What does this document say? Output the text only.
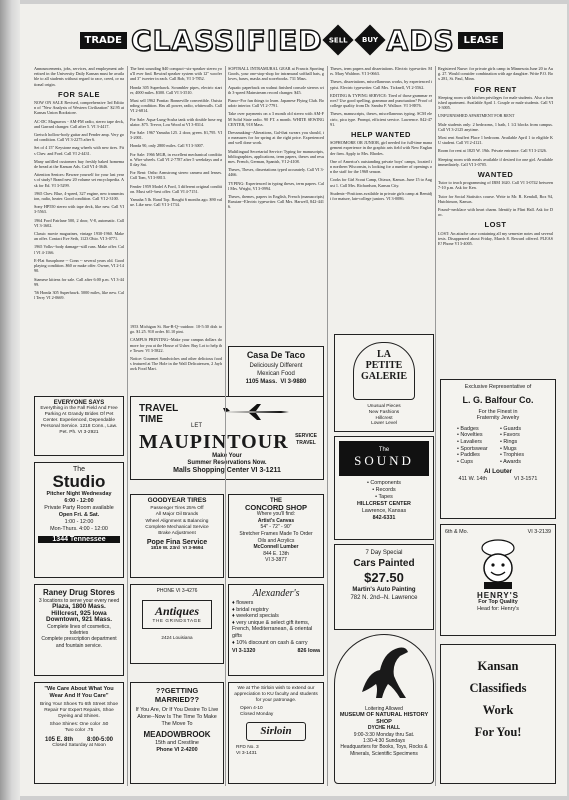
TRADE CLASSIFIED SELL BUY ADS LEASE

Announcements, jobs, services, and employment advertised in the University Daily Kansan must be available to all students without regard to race, creed, or national origin.

FOR SALE

NOW ON SALE Revised, comprehensive 3rd Edition of "New Analysis of Western Civilization" $2.95 at Kansas Union Bookstore.

AC-DC Magnavox - AM-FM radio, stereo tape deck, and Garrard changer. Call after 5. VI 3-4417.

Gretsch hollow-body guitar and Fender amp. Very good condition. Call VI 3-2275 after 6.

Set of 4 15" Keystone mag wheels with new tires. Fits Chev. and Ford. Call VI 2-4431.

Many unfilled customers buy freshly baked homemade bread at the Kansan Ads. Call VI 4-3646.

Attention Seniors: Beware yourself for your last years of study? Brand new 20 volume set encyclopedia. Ask for Ed. VI 3-5299.

1965 Chev. Blue, 4-speed, 327 engine, new transmission, radio, heater. Good condition. Call VI 2-3100.

Sony HP550 stereo with tape deck, like new. Call VI 3-5563.

1964 Ford Fairlane 500, 2 door, V-8, automatic. Call VI 3-1602.

Classic movie magazines, vintage 1930-1960. Make an offer. Contact Eve Seib, 1123 Ohio. VI 3-0771.

1965 Volks--body damage--still runs. Make offer. Call VI 4-1166.

E-Flat Saxophone -- Conn -- several years old. Good playing condition. $60 or make offer. Owner, VI 2-1490.

Siamese kittens for sale. Call after 6:00 p.m. VI 3-4499.

'56 Honda 305 Superhawk. 5000 miles, like new. Call Terry VI 2-0669.

EVERYONE SAYS
Everything in the Fall Field And Free Parking At Grandy Brides Of Pet Center. Experienced, Dependable Personal Service. 1218 Conn., Law. Pet. Ph. VI 3-2921

The best sounding $40 compact--six-speaker stereo you'll ever find. Rewind speaker system with 12" woofer and 3" tweeter in each. Call Bob, VI 3-7852.

Honda 305 Superhawk. Scrambler pipes, electric starter, 4000 miles. $300. Call VI 3-3510.

Must sell 1962 Pontiac Bonneville convertible. Outstanding condition. Has all power, radio, whitewalls. Call VI 2-6814.

For Sale: Aqua-Lung-Scuba tank with double hose regulator. $75. Trevor, Lou Wood at VI 3-8314.

For Sale: 1967 Yamaha 125. 2 door, green. $1,795. VI 3-2001.

Honda 90, only 2800 miles. Call VI 3-3007.

For Sale: 1966 MGB, in excellent mechanical condition. Wire wheels. Call VI 2-7787 after 5 weekdays and all day Sat.

For Rent: Ortho Armstrong stereo camera and lenses. Call Tom, VI 3-8813.

Fender 1959 Model A Ford, 3 different original condition. Must sell--best offer. Call VI 4-7151.

Yamaha 5 lb. Rand Top. Bought 6 months ago. $90 value. Like new. Call VI 3-1734.

1953 Michigan St. Bar-B-Q--outdoor. 10-5:30 dish to go. $1.25. 910 order. $1.10 pint.

CAMPUS PRINTING--Make your campus dollars do more for you at the House of Usher. Buy Lot to help the Tower. VI 3-5822.

Notice: Gourmet Sandwiches and other delicious foods featured at The Hole in the Wall Delicatessen, 2 Jayhawk Food Mart.

SOFTBALL INTRAMURAL GEAR at Francis Sporting Goods, your one-stop-shop for intramural softball bats, gloves, bases, masks and scorebooks. 731 Mass.

Aquatic paperback on walnut finished console stereos with 3-speed Mainstream record changer. $45.

Piano--For fun things to learn. Japanese Flying Club. Boudoir interior. Call VI 2-7791.

Take over payments on a 3 month old stereo with AM-FM Solid State radio. 90 FT. a month. WHITE SEWING CENTER, 918 Mass.

Dressmaking--Alterations, Gal-that swears you should, to measures for for spring at the right price. Experienced and well done work.

Multilingual Secretarial Service: Typing for manuscripts, bibliographies, applications, term papers, theses and resumes. French, German, Spanish, VI 2-4108.

Theses, Theses, dissertations typed accurately. Call VI 3-4466.

TYPING: Experienced in typing theses, term papers. Call Mrs. Wright, VI 3-0994.

Theses, themes, papers in English, French (manuscripts) Russian--Electric typewriter. Call Mrs. Harwell, 842-4416.

Theses, term papers and dissertations. Electric typewriter. Mrs. Mary Waldron. VI 3-0663.

Theses, dissertations, miscellaneous works, by experienced typist. Electric typewriter. Call Mrs. Ticknell, VI 2-5562.

EDITING & TYPING SERVICE: Tired of those grammar errors? Use good spelling, grammar and punctuation? Proof of college quality from Dr. Sandra F. Wallace. VI 3-8876.

Theses, manuscripts, theses, miscellaneous typing. SCM electric, pica type. Prompt, efficient service. Lawrence. 842-4791.

HELP WANTED

SOPHOMORE OR JUNIOR, girl needed for full-time management experience in the graphic arts field with New Englander firm. Apply to Mrs. Rhodes.

One of America's outstanding private boys' camps, located in northern Wisconsin, is looking for a number of openings on the staff for the 1968 season.

Cooks for Girl Scout Camp, Ottawa, Kansas. June 15 to August 1. Call Mrs. Richardson, Kansas City.

Students--Positions available in private girls camp at Bemidji for mature, late-college juniors. VI 3-0086.

Registered Nurse: for private girls camp in Minnesota June 20 to Aug. 27. Would consider combination with age daughter. Write P.O. Box 281, St. Paul, Minn.

FOR RENT

Sleeping room with kitchen privileges for male students. Also a furnished apartment. Available April 1. Couple or male students. Call VI 3-3005.

UNFURNISHED APARTMENT FOR RENT

Male students only: 2 bedrooms, 1 bath, 1 1/2 blocks from campus. Call VI 3-2125 anytime.

Most rent Souffert Place 1 bedroom. Available April 1 to eligible KU student. Call VI 2-4121.

Room for rent at 1825 W. 19th. Private entrance. Call VI 3-2326.

Sleeping room with meals available if desired for one girl. Available immediately. Call VI 3-0705.

WANTED

Tutor to teach programming of IBM 1620. Call VI 3-0742 between 7-10 p.m. Ask for Ken.

Tutor for Social Statistics course. Write to Mr. R. Kendall, Box 94, Hutchinson, Kansas.

Found--necklace with heart charm. Identify in Flint Hall. Ask for Doc.

LOST

LOST: An attache case containing all my semester notes and several tests. Disappeared about Friday, March 8. Reward offered. PLEASE! Phone VI 3-4005.

Casa De Taco
Deliciously Different
Mexican Food
1105 Mass. VI 3-9880
TRAVEL
TIME
LET
MAUPINTOUR	SERVICE TRAVEL
Make Your
Summer Reservations Now.
Malls Shopping Center VI 3-1211
The
Studio
Pitcher Night Wednesday
6:00 - 12:00
Private Party Room available
Open Fri. & Sat.
1:00 - 12:00
Mon-Thurs. 4:00 - 12:00
1344 Tennessee
GOODYEAR TIRES
Passenger Tires 25% Off
All Major Oil Brands
Wheel Alignment & Balancing
Complete Mechanical Service
Brake Adjustment
Pope Fina Service
1819 W. 23rd VI 3-9694
THE
CONCORD SHOP
Where you'll find:
Artist's Canvas
54" - 72" - 90"
Stretcher Frames Made To Order
Oils and Acrylics
McConnell Lumber
844 E. 13th
VI 3-3877
Raney Drug Stores
3 locations to serve your every need
Plaza, 1800 Mass.
Hillcrest, 925 Iowa
Downtown, 921 Mass.
Complete lines of cosmetics, toiletries
Complete prescription department and fountain service.
PHONE VI 3-4276
Antiques
THE GRINDSTAGE
2424 Louisiana
Alexander's
♦ flowers
♦ bridal registry
♦ weekend specials
♦ very unique & select gift items, French, Mediterranean, & oriental gifts
♦ 10% discount on cash & carry
VI 3-1320	826 Iowa
"We Care About What You Wear And If You Care"
Bring Your Shoes To 6th Street Shoe Repair For Expert Repairs, Shoe Dyeing and Shines.
Shoe Shines: One color .50
Two color .75
105 E. 8th 8:00-5:00
Closed Saturday at Noon
??GETTING MARRIED??
If You Are, Or If You Desire To Live Alone--Now Is The Time To Make The Move To
MEADOWBROOK
15th and Crestline
Phone VI 2-4200
We at The Sirloin wish to extend our appreciation to KU faculty and students for your patronage.
Open 4-10
Closed Monday
Sirloin
RFD No. 3
VI 3-1431
LA
PETITE
GALERIE
Unusual Pieces
New Fashions
Hillcrest
Lower Level
The
SOUND
• Components
• Records
• Tapes
HILLCREST CENTER
Lawrence, Kansas
842-6331
7 Day Special
Cars Painted
$27.50
Martin's Auto Painting
782 N. 2nd--N. Lawrence
Loitering Allowed
MUSEUM OF NATURAL HISTORY SHOP
DYCHE HALL
9:00-3:30 Monday thru Sat.
1:30-4:30 Sundays
Headquarters for Books, Toys, Rocks & Minerals, Scientific Specimens
Exclusive Representative of
L. G. Balfour Co.
For the Finest in
Fraternity Jewelry
• Badges	• Guards
• Novelties	• Favors
• Lavaliers	• Rings
• Sportswear	• Mugs
• Paddles	• Trophies
• Cups	• Awards
Al Louter
411 W. 14th	VI 3-1571
6th & Mo.	VI 3-2139
HENRY'S
For Top Quality
Head for: Henry's
Kansan
Classifieds
Work
For You!
